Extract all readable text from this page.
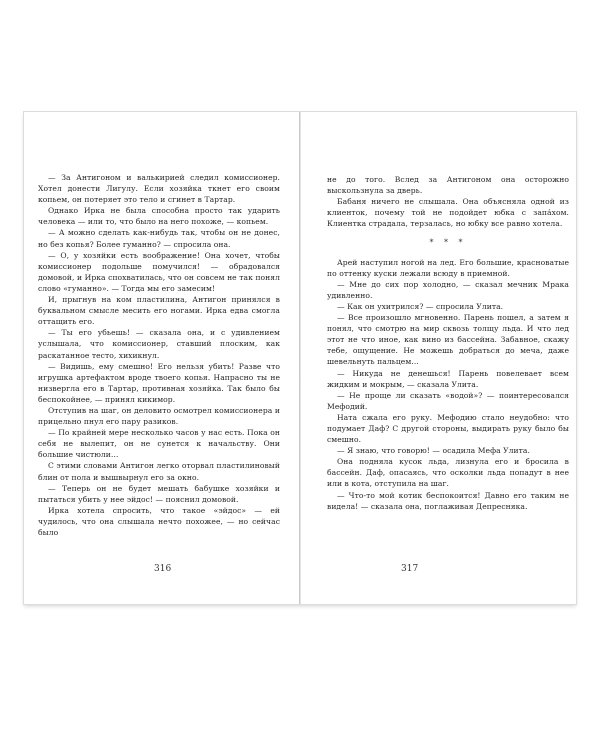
— За Антигоном и валькирией следил комиссионер. Хотел донести Лигулу. Если хозяйка ткнет его своим копьем, он потеряет это тело и сгинет в Тартар.

Однако Ирка не была способна просто так ударить человека — или то, что было на него похоже, — копьем.

— А можно сделать как-нибудь так, чтобы он не донес, но без копья? Более гуманно? — спросила она.

— О, у хозяйки есть воображение! Она хочет, чтобы комиссионер подольше помучился! — обрадовался домовой, и Ирка спохватилась, что он совсем не так понял слово «гуманно». — Тогда мы его замесим!

И, прыгнув на ком пластилина, Антигон принялся в буквальном смысле месить его ногами. Ирка едва смогла оттащить его.

— Ты его убьешь! — сказала она, и с удивлением услышала, что комиссионер, ставший плоским, как раскатанное тесто, хихикнул.

— Видишь, ему смешно! Его нельзя убить! Разве что игрушка артефактом вроде твоего копья. Напрасно ты не низвергла его в Тартар, противная хозяйка. Так было бы беспокойнее, — принял кикимор.

Отступив на шаг, он деловито осмотрел комиссионера и прицельно пнул его пару разиков.

— По крайней мере несколько часов у нас есть. Пока он себя не вылепит, он не сунется к начальству. Они большие чистюли…

С этими словами Антигон легко оторвал пластилиновый блин от пола и вышвырнул его за окно.

— Теперь он не будет мешать бабушке хозяйки и пытаться убить у нее эйдос! — пояснил домовой.

Ирка хотела спросить, что такое «эйдос» — ей чудилось, что она слышала нечто похожее, — но сейчас было

316

не до того. Вслед за Антигоном она осторожно выскользнула за дверь.

Бабаня ничего не слышала. Она объясняла одной из клиенток, почему той не подойдет юбка с запа́хом. Клиентка страдала, терзалась, но юбку все равно хотела.

* * *

Арей наступил ногой на лед. Его большие, красноватые по оттенку куски лежали всюду в приемной.

— Мне до сих пор холодно, — сказал мечник Мрака удивленно.

— Как он ухитрился? — спросила Улита.

— Все произошло мгновенно. Парень пошел, а затем я понял, что смотрю на мир сквозь толщу льда. И что лед этот не что иное, как вино из бассейна. Забавное, скажу тебе, ощущение. Не можешь добраться до меча, даже шевельнуть пальцем…

— Никуда не денешься! Парень повелевает всем жидким и мокрым, — сказала Улита.

— Не проще ли сказать «водой»? — поинтересовался Мефодий.

Ната сжала его руку. Мефодию стало неудобно: что подумает Даф? С другой стороны, выдирать руку было бы смешно.

— Я знаю, что говорю! — осадила Мефа Улита.

Она подняла кусок льда, лизнула его и бросила в бассейн. Даф, опасаясь, что осколки льда попадут в нее или в кота, отступила на шаг.

— Что-то мой котик беспокоится! Давно его таким не видела! — сказала она, поглаживая Депресняка.

317
